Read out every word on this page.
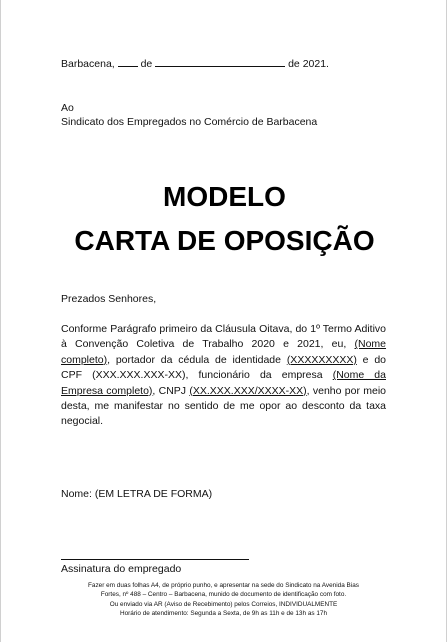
Barbacena, de	de 2021.
Ao
Sindicato dos Empregados no Comércio de Barbacena
MODELO
CARTA DE OPOSIÇÃO
Prezados Senhores,
Conforme Parágrafo primeiro da Cláusula Oitava, do 1º Termo Aditivo à Convenção Coletiva de Trabalho 2020 e 2021, eu, (Nome completo), portador da cédula de identidade (XXXXXXXXX) e do CPF (XXX.XXX.XXX-XX), funcionário da empresa (Nome da Empresa completo), CNPJ (XX.XXX.XXX/XXXX-XX), venho por meio desta, me manifestar no sentido de me opor ao desconto da taxa negocial.
Nome: (EM LETRA DE FORMA)
Assinatura do empregado
Fazer em duas folhas A4, de próprio punho, e apresentar na sede do Sindicato na Avenida Bias
Fortes, nº 488 – Centro – Barbacena, munido de documento de identificação com foto.
Ou enviado via AR (Aviso de Recebimento) pelos Correios, INDIVIDUALMENTE
Horário de atendimento: Segunda a Sexta, de 9h as 11h e de 13h as 17h
